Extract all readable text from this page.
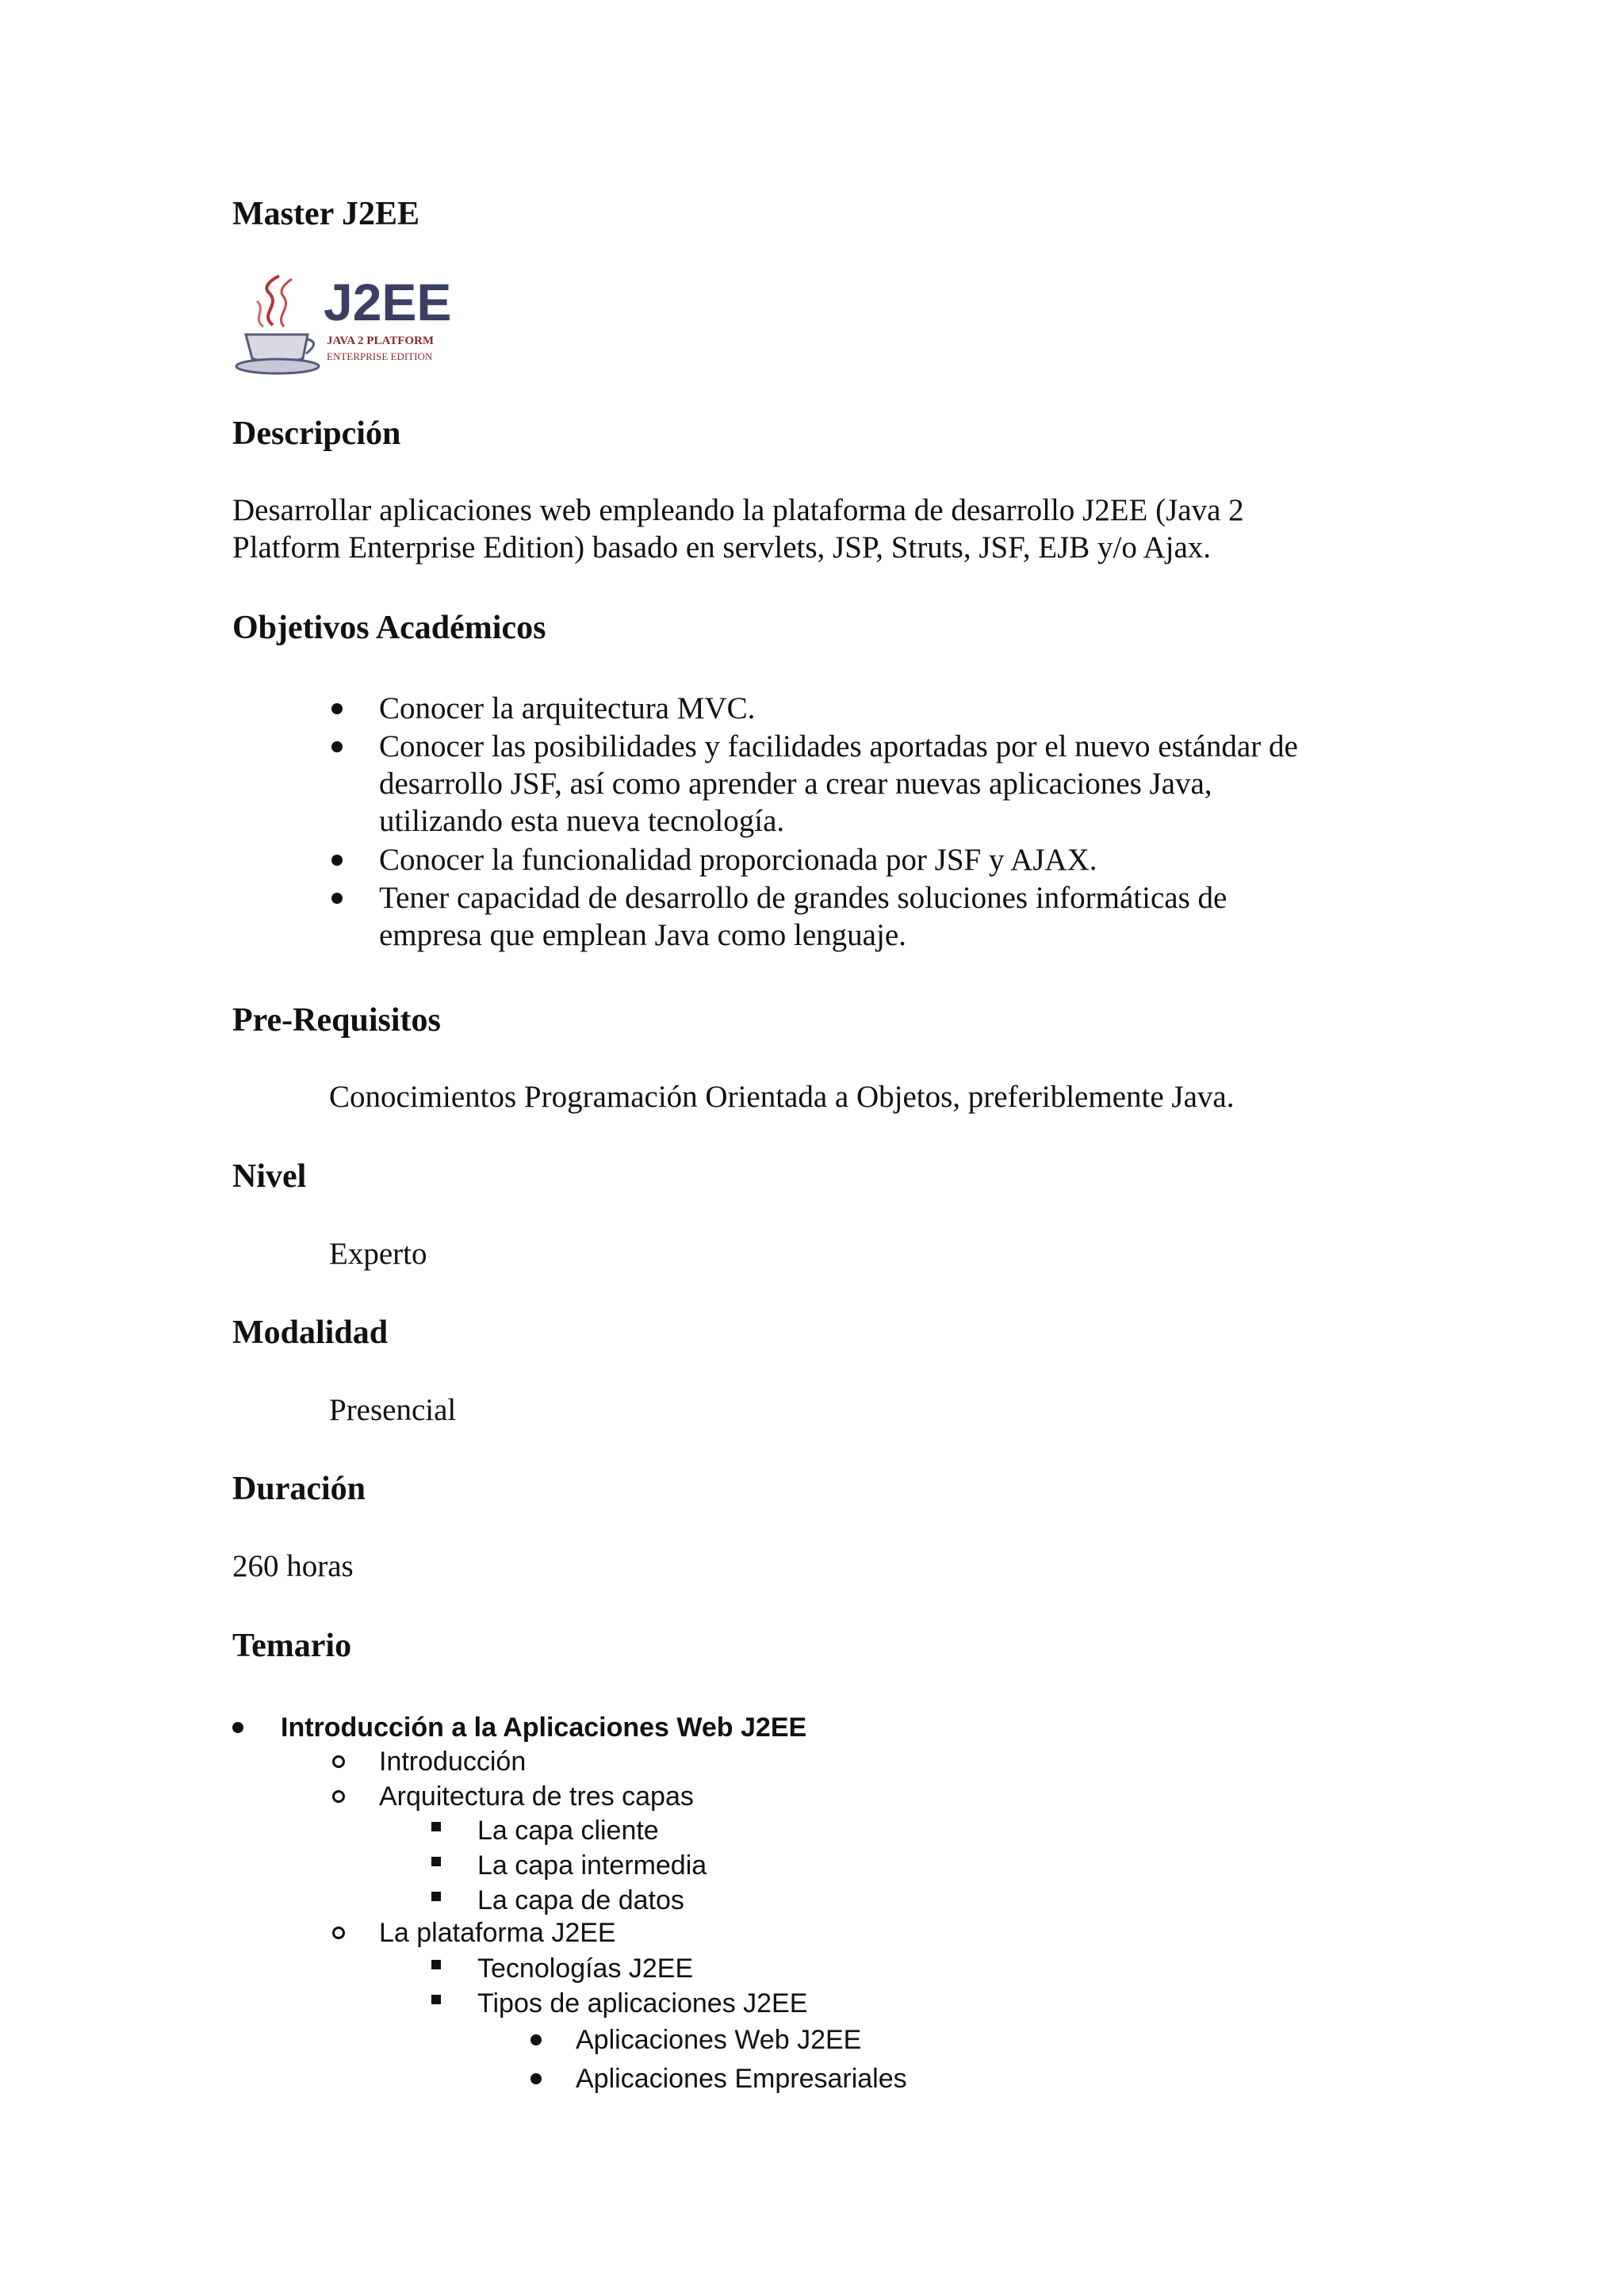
Master J2EE
J2EE
JAVA 2 PLATFORM
ENTERPRISE EDITION
Descripción

Desarrollar aplicaciones web empleando la plataforma de desarrollo J2EE (Java 2

Platform Enterprise Edition) basado en servlets, JSP, Struts, JSF, EJB y/o Ajax.

Objetivos Académicos
Conocer la arquitectura MVC.
Conocer las posibilidades y facilidades aportadas por el nuevo estándar de
desarrollo JSF, así como aprender a crear nuevas aplicaciones Java,
utilizando esta nueva tecnología.
Conocer la funcionalidad proporcionada por JSF y AJAX.
Tener capacidad de desarrollo de grandes soluciones informáticas de
empresa que emplean Java como lenguaje.
Pre-Requisitos

Conocimientos Programación Orientada a Objetos, preferiblemente Java.

Nivel

Experto

Modalidad

Presencial

Duración

260 horas

Temario
Introducción a la Aplicaciones Web J2EE
Introducción
Arquitectura de tres capas
La capa cliente
La capa intermedia
La capa de datos
La plataforma J2EE
Tecnologías J2EE
Tipos de aplicaciones J2EE
Aplicaciones Web J2EE
Aplicaciones Empresariales
